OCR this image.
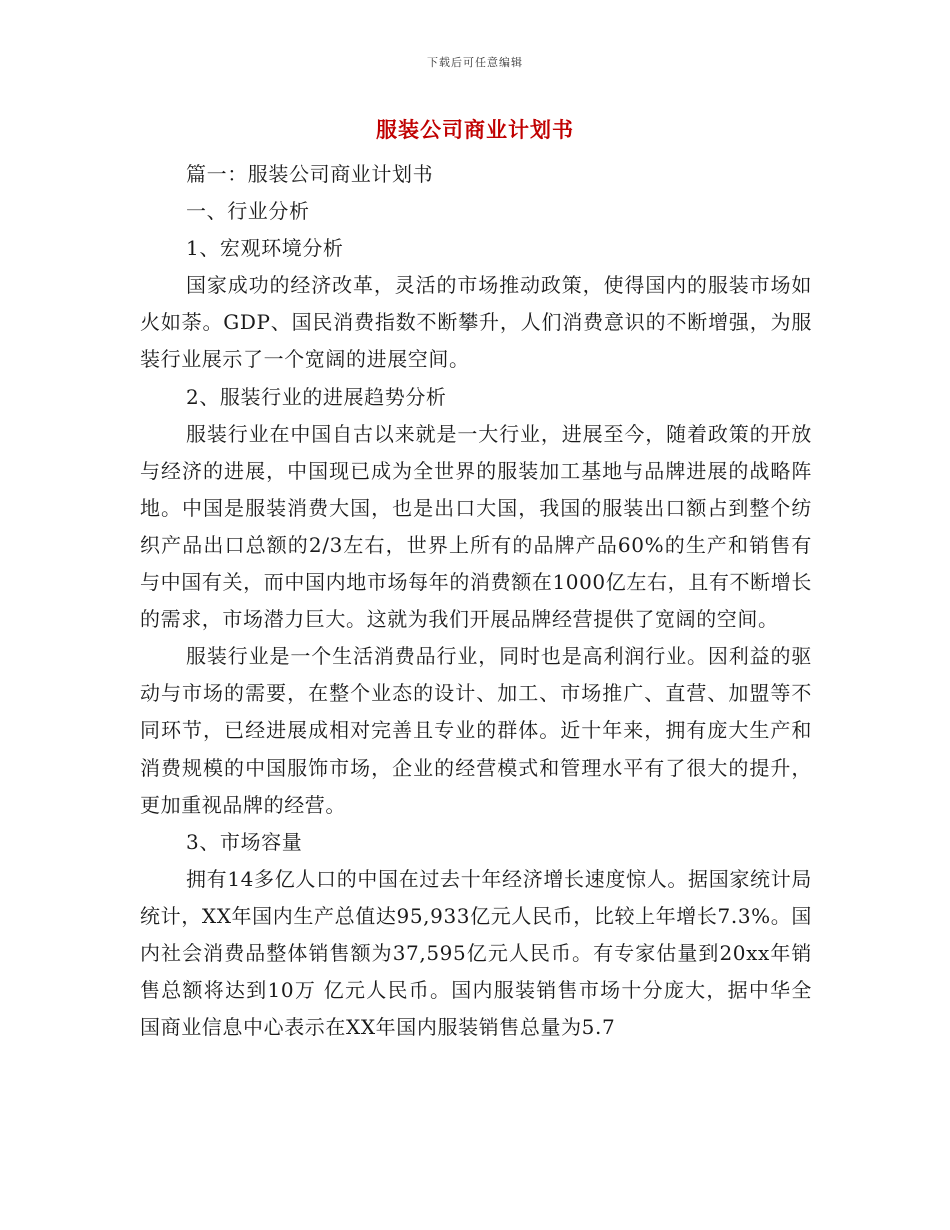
下载后可任意编辑
服装公司商业计划书

篇一：服装公司商业计划书

一、行业分析

1、宏观环境分析

国家成功的经济改革，灵活的市场推动政策，使得国内的服装市场如火如荼。GDP、国民消费指数不断攀升，人们消费意识的不断增强，为服装行业展示了一个宽阔的进展空间。

2、服装行业的进展趋势分析

服装行业在中国自古以来就是一大行业，进展至今，随着政策的开放与经济的进展，中国现已成为全世界的服装加工基地与品牌进展的战略阵地。中国是服装消费大国，也是出口大国，我国的服装出口额占到整个纺织产品出口总额的2/3左右，世界上所有的品牌产品60%的生产和销售有与中国有关，而中国内地市场每年的消费额在1000亿左右，且有不断增长的需求，市场潜力巨大。这就为我们开展品牌经营提供了宽阔的空间。

服装行业是一个生活消费品行业，同时也是高利润行业。因利益的驱动与市场的需要，在整个业态的设计、加工、市场推广、直营、加盟等不同环节，已经进展成相对完善且专业的群体。近十年来，拥有庞大生产和消费规模的中国服饰市场，企业的经营模式和管理水平有了很大的提升，更加重视品牌的经营。

3、市场容量

拥有14多亿人口的中国在过去十年经济增长速度惊人。据国家统计局统计，XX年国内生产总值达95,933亿元人民币，比较上年增长7.3%。国内社会消费品整体销售额为37,595亿元人民币。有专家估量到20xx年销售总额将达到10万 亿元人民币。国内服装销售市场十分庞大，据中华全国商业信息中心表示在XX年国内服装销售总量为5.7
